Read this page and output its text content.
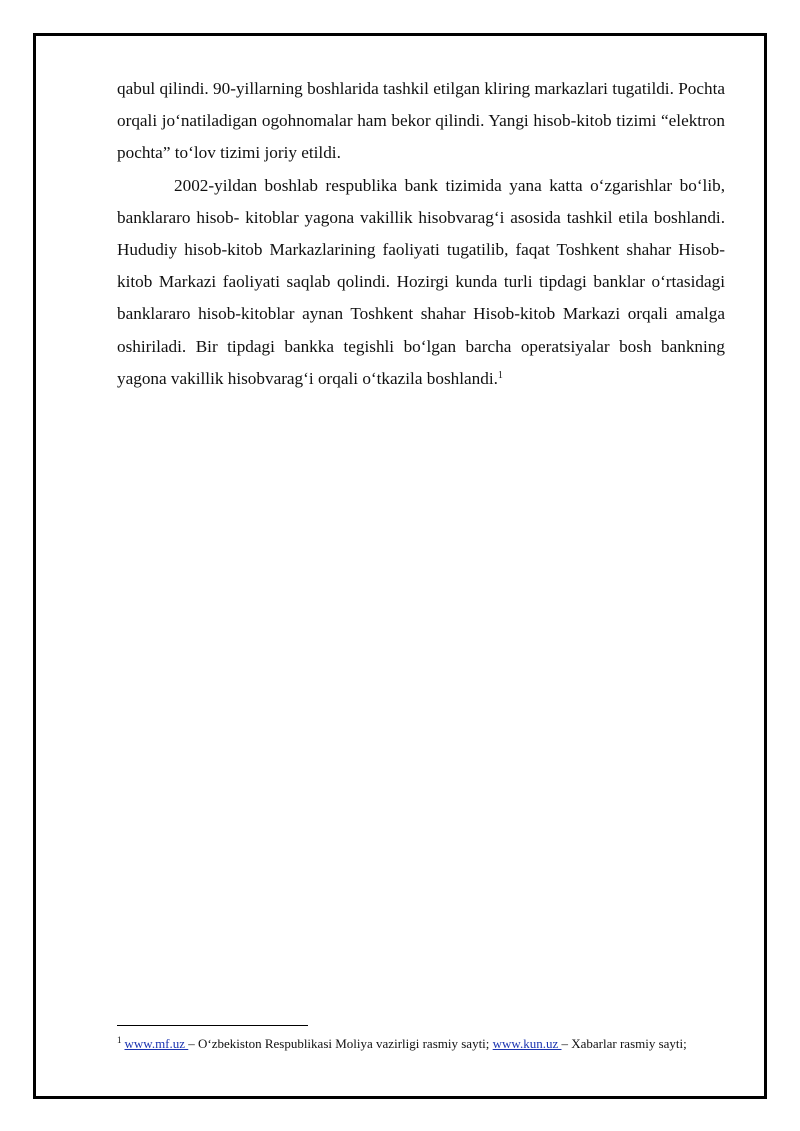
qabul qilindi. 90-yillarning boshlarida tashkil etilgan kliring markazlari tugatildi. Pochta orqali jo‘natiladigan ogohnomalar ham bekor qilindi. Yangi hisob-kitob tizimi “elektron pochta” to‘lov tizimi joriy etildi.

2002-yildan boshlab respublika bank tizimida yana katta o‘zgarishlar bo‘lib, banklararo hisob- kitoblar yagona vakillik hisobvarag‘i asosida tashkil etila boshlandi. Hududiy hisob-kitob Markazlarining faoliyati tugatilib, faqat Toshkent shahar Hisob-kitob Markazi faoliyati saqlab qolindi. Hozirgi kunda turli tipdagi banklar o‘rtasidagi banklararo hisob-kitoblar aynan Toshkent shahar Hisob-kitob Markazi orqali amalga oshiriladi. Bir tipdagi bankka tegishli bo‘lgan barcha operatsiyalar bosh bankning yagona vakillik hisobvarag‘i orqali o‘tkazila boshlandi.$^1$

$^1$ www.mf.uz – O‘zbekiston Respublikasi Moliya vazirligi rasmiy sayti; www.kun.uz – Xabarlar rasmiy sayti;
